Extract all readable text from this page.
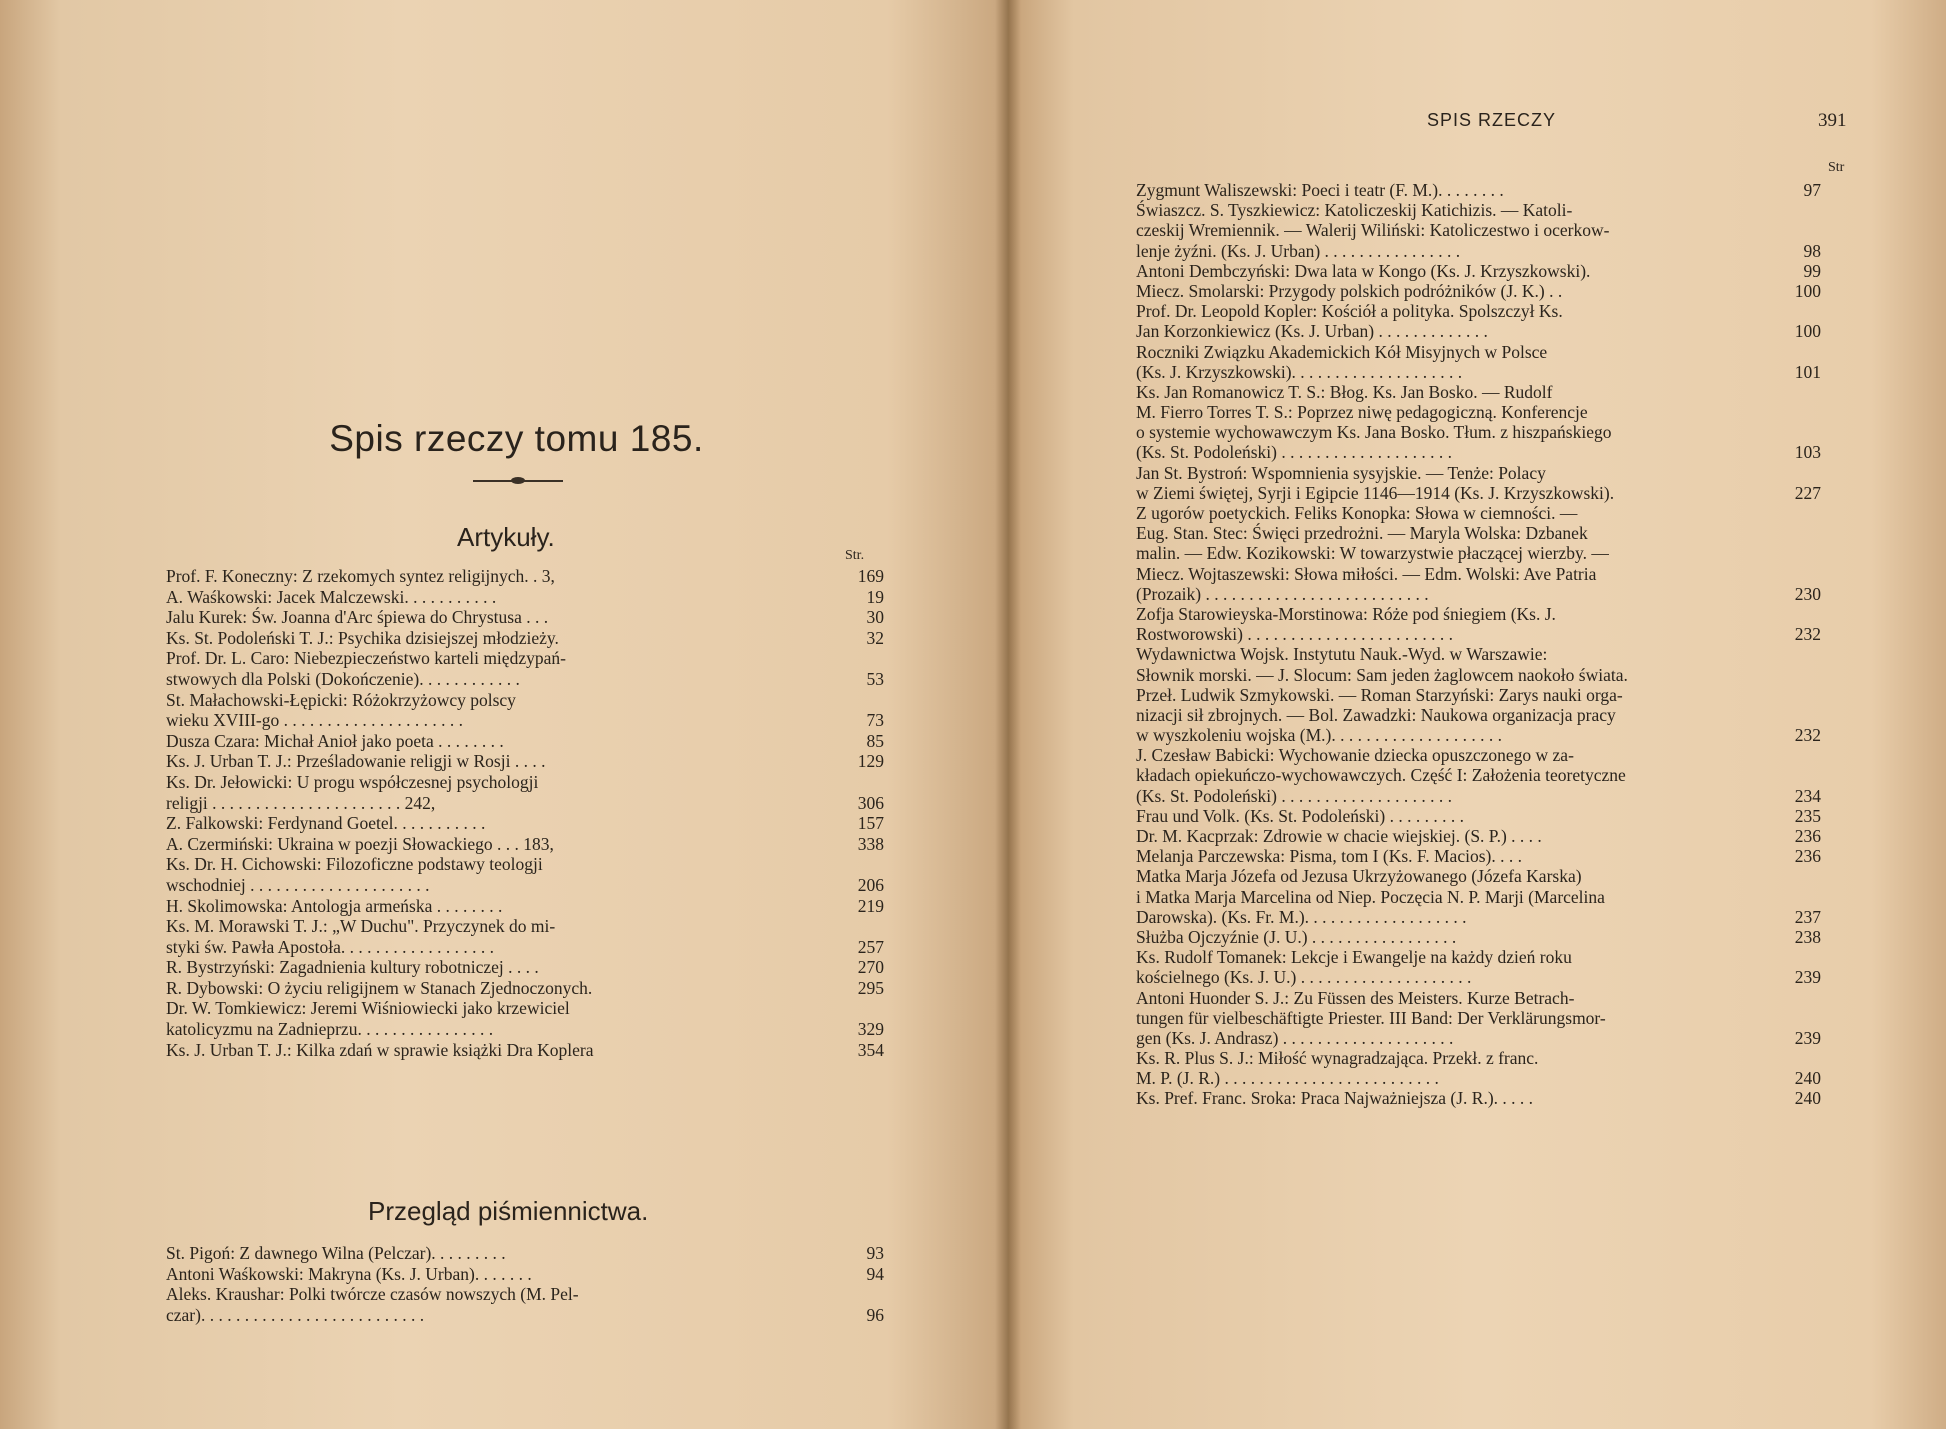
Spis rzeczy tomu 185.
Artykuły.
Str.
Prof. F. Koneczny: Z rzekomych syntez religijnych. . 3,	169
A. Waśkowski: Jacek Malczewski. . . . . . . . . . .	19
Jalu Kurek: Św. Joanna d'Arc śpiewa do Chrystusa . . .	30
Ks. St. Podoleński T. J.: Psychika dzisiejszej młodzieży.	32
Prof. Dr. L. Caro: Niebezpieczeństwo karteli międzypań-
stwowych dla Polski (Dokończenie). . . . . . . . . . . .	53
St. Małachowski-Łępicki: Różokrzyżowcy polscy
wieku XVIII-go . . . . . . . . . . . . . . . . . . . . .	73
Dusza Czara: Michał Anioł jako poeta . . . . . . . .	85
Ks. J. Urban T. J.: Prześladowanie religji w Rosji . . . .	129
Ks. Dr. Jełowicki: U progu współczesnej psychologji
religji . . . . . . . . . . . . . . . . . . . . . . 242,	306
Z. Falkowski: Ferdynand Goetel. . . . . . . . . . .	157
A. Czermiński: Ukraina w poezji Słowackiego . . . 183,	338
Ks. Dr. H. Cichowski: Filozoficzne podstawy teologji
wschodniej . . . . . . . . . . . . . . . . . . . . .	206
H. Skolimowska: Antologja armeńska . . . . . . . .	219
Ks. M. Morawski T. J.: „W Duchu". Przyczynek do mi-
styki św. Pawła Apostoła. . . . . . . . . . . . . . . . . .	257
R. Bystrzyński: Zagadnienia kultury robotniczej . . . .	270
R. Dybowski: O życiu religijnem w Stanach Zjednoczonych.	295
Dr. W. Tomkiewicz: Jeremi Wiśniowiecki jako krzewiciel
katolicyzmu na Zadnieprzu. . . . . . . . . . . . . . . .	329
Ks. J. Urban T. J.: Kilka zdań w sprawie książki Dra Koplera	354
Przegląd piśmiennictwa.
St. Pigoń: Z dawnego Wilna (Pelczar). . . . . . . . .	93
Antoni Waśkowski: Makryna (Ks. J. Urban). . . . . . .	94
Aleks. Kraushar: Polki twórcze czasów nowszych (M. Pel-
czar). . . . . . . . . . . . . . . . . . . . . . . . . .	96
SPIS RZECZY	391
Str
Zygmunt Waliszewski: Poeci i teatr (F. M.). . . . . . . .	97
Świaszcz. S. Tyszkiewicz: Katoliczeskij Katichizis. — Katoli-
czeskij Wremiennik. — Walerij Wiliński: Katoliczestwo i ocerkow-
lenje żyźni. (Ks. J. Urban) . . . . . . . . . . . . . . . .	98
Antoni Dembczyński: Dwa lata w Kongo (Ks. J. Krzyszkowski).	99
Miecz. Smolarski: Przygody polskich podróżników (J. K.) . .	100
Prof. Dr. Leopold Kopler: Kościół a polityka. Spolszczył Ks.
Jan Korzonkiewicz (Ks. J. Urban) . . . . . . . . . . . . .	100
Roczniki Związku Akademickich Kół Misyjnych w Polsce
(Ks. J. Krzyszkowski). . . . . . . . . . . . . . . . . . . .	101
Ks. Jan Romanowicz T. S.: Błog. Ks. Jan Bosko. — Rudolf
M. Fierro Torres T. S.: Poprzez niwę pedagogiczną. Konferencje
o systemie wychowawczym Ks. Jana Bosko. Tłum. z hiszpańskiego
(Ks. St. Podoleński) . . . . . . . . . . . . . . . . . . . .	103
Jan St. Bystroń: Wspomnienia sysyjskie. — Tenże: Polacy
w Ziemi świętej, Syrji i Egipcie 1146—1914 (Ks. J. Krzyszkowski).	227
Z ugorów poetyckich. Feliks Konopka: Słowa w ciemności. —
Eug. Stan. Stec: Święci przedrożni. — Maryla Wolska: Dzbanek
malin. — Edw. Kozikowski: W towarzystwie płaczącej wierzby. —
Miecz. Wojtaszewski: Słowa miłości. — Edm. Wolski: Ave Patria
(Prozaik) . . . . . . . . . . . . . . . . . . . . . . . . . .	230
Zofja Starowieyska-Morstinowa: Róże pod śniegiem (Ks. J.
Rostworowski) . . . . . . . . . . . . . . . . . . . . . . . .	232
Wydawnictwa Wojsk. Instytutu Nauk.-Wyd. w Warszawie:
Słownik morski. — J. Slocum: Sam jeden żaglowcem naokoło świata.
Przeł. Ludwik Szmykowski. — Roman Starzyński: Zarys nauki orga-
nizacji sił zbrojnych. — Bol. Zawadzki: Naukowa organizacja pracy
w wyszkoleniu wojska (M.). . . . . . . . . . . . . . . . . . . .	232
J. Czesław Babicki: Wychowanie dziecka opuszczonego w za-
kładach opiekuńczo-wychowawczych. Część I: Założenia teoretyczne
(Ks. St. Podoleński) . . . . . . . . . . . . . . . . . . . .	234
Frau und Volk. (Ks. St. Podoleński) . . . . . . . . .	235
Dr. M. Kacprzak: Zdrowie w chacie wiejskiej. (S. P.) . . . .	236
Melanja Parczewska: Pisma, tom I (Ks. F. Macios). . . .	236
Matka Marja Józefa od Jezusa Ukrzyżowanego (Józefa Karska)
i Matka Marja Marcelina od Niep. Poczęcia N. P. Marji (Marcelina
Darowska). (Ks. Fr. M.). . . . . . . . . . . . . . . . . . .	237
Służba Ojczyźnie (J. U.) . . . . . . . . . . . . . . . . .	238
Ks. Rudolf Tomanek: Lekcje i Ewangelje na każdy dzień roku
kościelnego (Ks. J. U.) . . . . . . . . . . . . . . . . . . . .	239
Antoni Huonder S. J.: Zu Füssen des Meisters. Kurze Betrach-
tungen für vielbeschäftigte Priester. III Band: Der Verklärungsmor-
gen (Ks. J. Andrasz) . . . . . . . . . . . . . . . . . . . .	239
Ks. R. Plus S. J.: Miłość wynagradzająca. Przekł. z franc.
M. P. (J. R.) . . . . . . . . . . . . . . . . . . . . . . . . .	240
Ks. Pref. Franc. Sroka: Praca Najważniejsza (J. R.). . . . .	240
